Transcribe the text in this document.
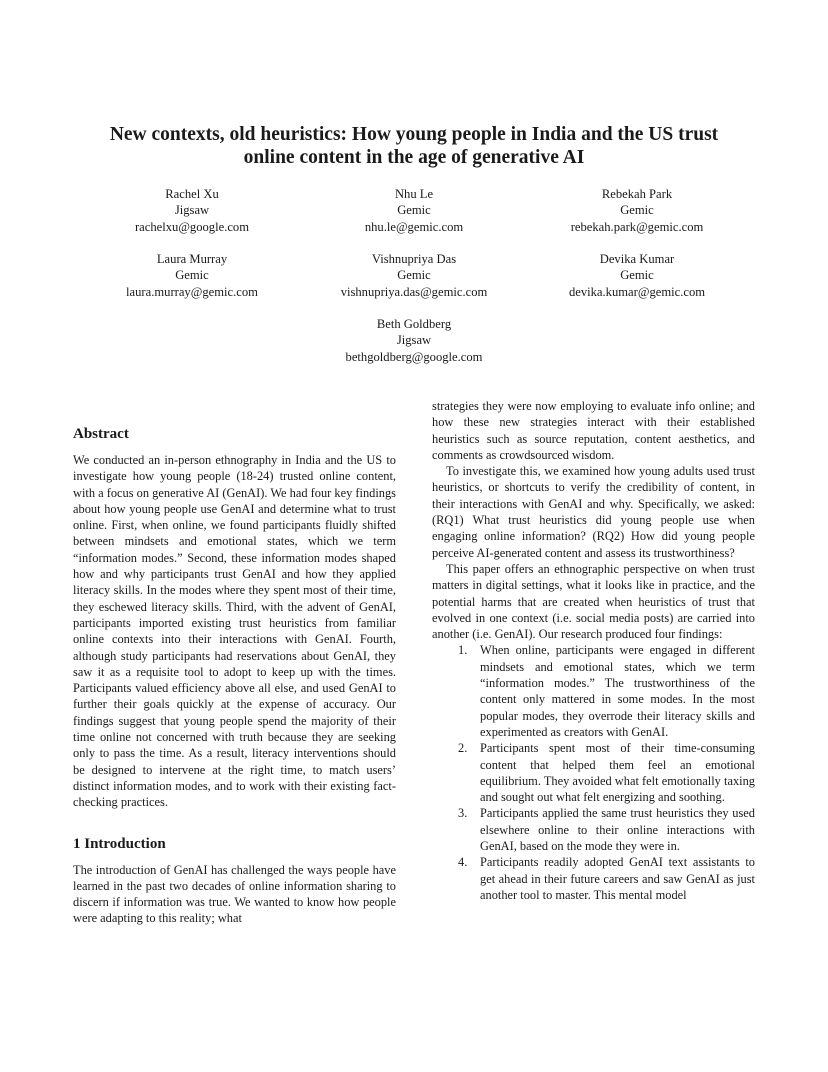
New contexts, old heuristics: How young people in India and the US trust
online content in the age of generative AI
Rachel Xu
Jigsaw
rachelxu@google.com
Nhu Le
Gemic
nhu.le@gemic.com
Rebekah Park
Gemic
rebekah.park@gemic.com
Laura Murray
Gemic
laura.murray@gemic.com
Vishnupriya Das
Gemic
vishnupriya.das@gemic.com
Devika Kumar
Gemic
devika.kumar@gemic.com
Beth Goldberg
Jigsaw
bethgoldberg@google.com
Abstract

We conducted an in-person ethnography in India and the US to investigate how young people (18-24) trusted online content, with a focus on generative AI (GenAI). We had four key findings about how young people use GenAI and determine what to trust online. First, when online, we found participants fluidly shifted between mindsets and emotional states, which we term “information modes.” Second, these information modes shaped how and why participants trust GenAI and how they applied literacy skills. In the modes where they spent most of their time, they eschewed literacy skills. Third, with the advent of GenAI, participants imported existing trust heuristics from familiar online contexts into their interactions with GenAI. Fourth, although study participants had reservations about GenAI, they saw it as a requisite tool to adopt to keep up with the times. Participants valued efficiency above all else, and used GenAI to further their goals quickly at the expense of accuracy. Our findings suggest that young people spend the majority of their time online not concerned with truth because they are seeking only to pass the time. As a result, literacy interventions should be designed to intervene at the right time, to match users’ distinct information modes, and to work with their existing fact-checking practices.

1 Introduction

The introduction of GenAI has challenged the ways people have learned in the past two decades of online information sharing to discern if information was true. We wanted to know how people were adapting to this reality; what

strategies they were now employing to evaluate info online; and how these new strategies interact with their established heuristics such as source reputation, content aesthetics, and comments as crowdsourced wisdom.

To investigate this, we examined how young adults used trust heuristics, or shortcuts to verify the credibility of content, in their interactions with GenAI and why. Specifically, we asked: (RQ1) What trust heuristics did young people use when engaging online information? (RQ2) How did young people perceive AI-generated content and assess its trustworthiness?

This paper offers an ethnographic perspective on when trust matters in digital settings, what it looks like in practice, and the potential harms that are created when heuristics of trust that evolved in one context (i.e. social media posts) are carried into another (i.e. GenAI). Our research produced four findings:

1. When online, participants were engaged in different mindsets and emotional states, which we term “information modes.” The trustworthiness of the content only mattered in some modes. In the most popular modes, they overrode their literacy skills and experimented as creators with GenAI.
2. Participants spent most of their time-consuming content that helped them feel an emotional equilibrium. They avoided what felt emotionally taxing and sought out what felt energizing and soothing.
3. Participants applied the same trust heuristics they used elsewhere online to their online interactions with GenAI, based on the mode they were in.
4. Participants readily adopted GenAI text assistants to get ahead in their future careers and saw GenAI as just another tool to master. This mental model
